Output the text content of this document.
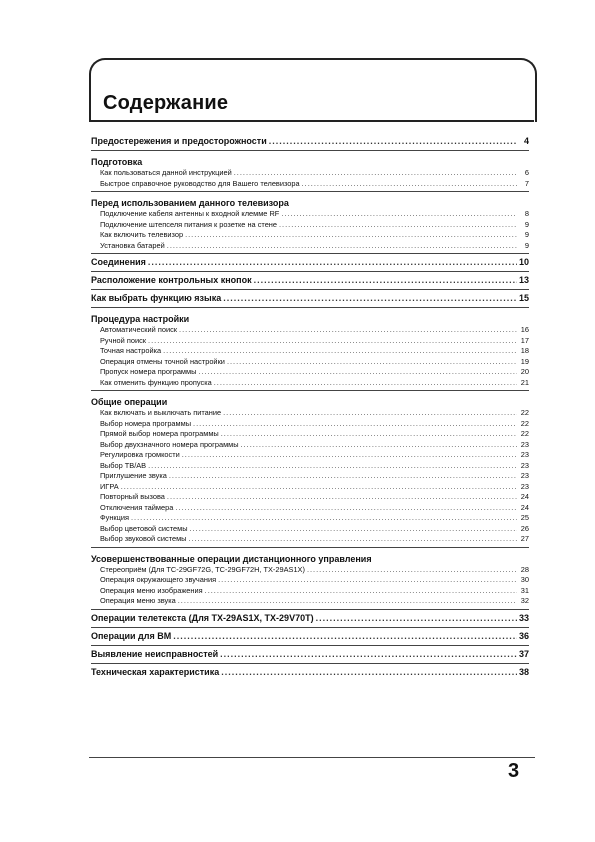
Содержание
Предостережения и предосторожности .....	4
Подготовка
Как пользоваться данной инструкцией .....	6
Быстрое справочное руководство для Вашего телевизора .....	7
Перед использованием данного телевизора
Подключение кабеля антенны к входной клемме RF .....	8
Подключение штепселя питания к розетке на стене .....	9
Как включить телевизор .....	9
Установка батарей .....	9
Соединения .....	10
Расположение контрольных кнопок .....	13
Как выбрать функцию языка .....	15
Процедура настройки
Автоматический поиск .....	16
Ручной поиск .....	17
Точная настройка .....	18
Операция отмены точной настройки .....	19
Пропуск номера программы .....	20
Как отменить функцию пропуска .....	21
Общие операции
Как включать и выключать питание .....	22
Выбор номера программы .....	22
Прямой выбор номера программы .....	22
Выбор двухзначного номера программы .....	23
Регулировка громкости .....	23
Выбор ТВ/АВ .....	23
Приглушение звука .....	23
ИГРА .....	23
Повторный вызова .....	24
Отключения таймера .....	24
Функция .....	25
Выбор цветовой системы .....	26
Выбор звуковой системы .....	27
Усовершенствованные операции дистанционного управления
Стереоприём (Для TC-29GF72G, TC-29GF72H, TX-29AS1X) .....	28
Операция окружающего звучания .....	30
Операция меню изображения .....	31
Операция меню звука .....	32
Операции телетекста (Для TX-29AS1X, TX-29V70T) .....	33
Операции для ВМ .....	36
Выявление неисправностей .....	37
Техническая характеристика .....	38
3
